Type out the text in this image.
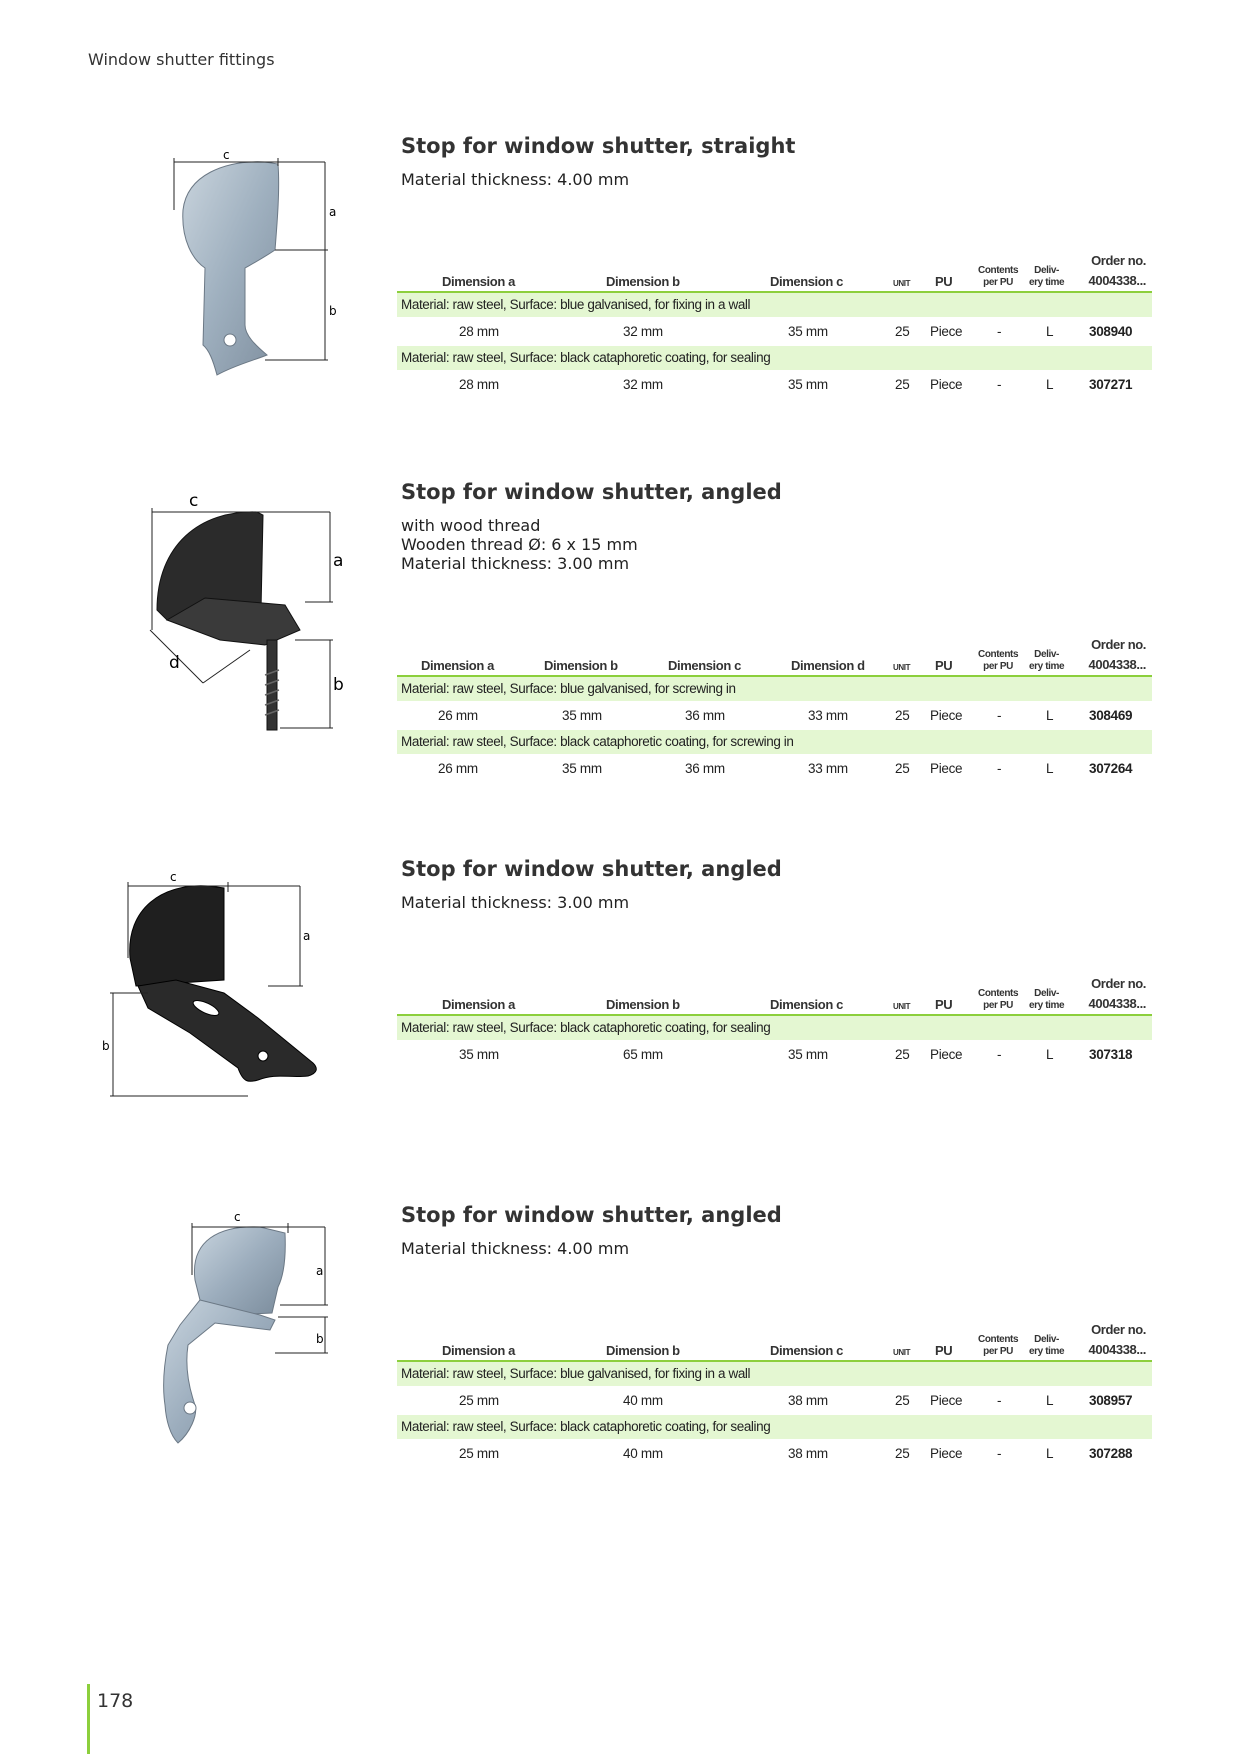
Window shutter fittings
c
a
b
Stop for window shutter, straight
Material thickness: 4.00 mm
Dimension a	Dimension b	Dimension c	UNIT PU
Contents
per PU
Deliv-
ery time
Order no.
4004338...
Material: raw steel, Surface: blue galvanised, for fixing in a wall
28 mm	32 mm	35 mm	25 Piece	-	L	308940
Material: raw steel, Surface: black cataphoretic coating, for sealing
28 mm	32 mm	35 mm	25 Piece	-	L	307271
c
a
b
d
Stop for window shutter, angled
with wood thread
Wooden thread Ø: 6 x 15 mm
Material thickness: 3.00 mm
Dimension a	Dimension b	Dimension c	Dimension d	UNIT PU
Contents
per PU
Deliv-
ery time
Order no.
4004338...
Material: raw steel, Surface: blue galvanised, for screwing in
26 mm	35 mm	36 mm	33 mm	25 Piece	-	L	308469
Material: raw steel, Surface: black cataphoretic coating, for screwing in
26 mm	35 mm	36 mm	33 mm	25 Piece	-	L	307264
c
a
b
Stop for window shutter, angled
Material thickness: 3.00 mm
Dimension a	Dimension b	Dimension c	UNIT PU
Contents
per PU
Deliv-
ery time
Order no.
4004338...
Material: raw steel, Surface: black cataphoretic coating, for sealing
35 mm	65 mm	35 mm	25 Piece	-	L	307318
c
a
b
Stop for window shutter, angled
Material thickness: 4.00 mm
Dimension a	Dimension b	Dimension c	UNIT PU
Contents
per PU
Deliv-
ery time
Order no.
4004338...
Material: raw steel, Surface: blue galvanised, for fixing in a wall
25 mm	40 mm	38 mm	25 Piece	-	L	308957
Material: raw steel, Surface: black cataphoretic coating, for sealing
25 mm	40 mm	38 mm	25 Piece	-	L	307288
178
